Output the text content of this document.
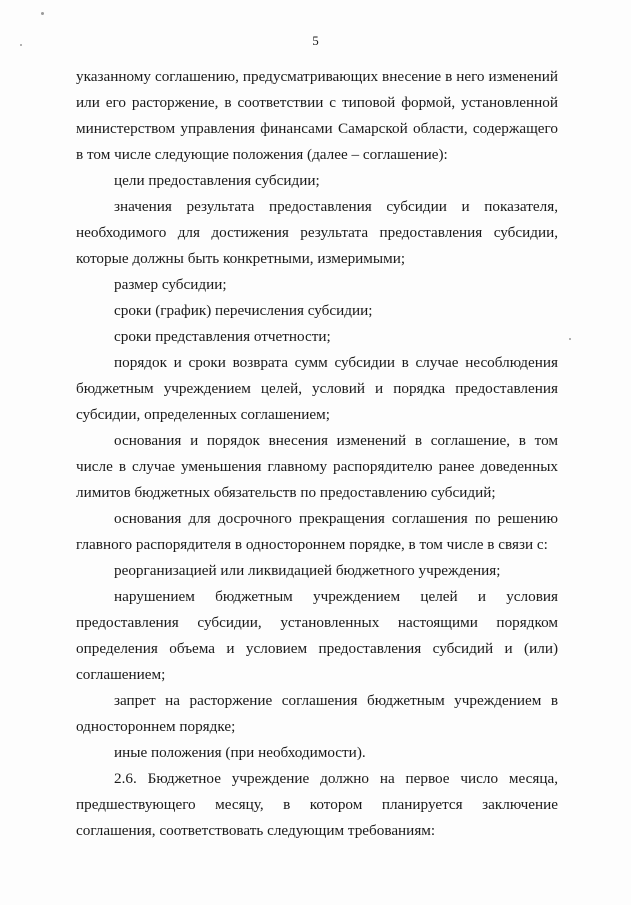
5

указанному соглашению, предусматривающих внесение в него изменений или его расторжение, в соответствии с типовой формой, установленной министерством управления финансами Самарской области, содержащего в том числе следующие положения (далее – соглашение):

цели предоставления субсидии;

значения результата предоставления субсидии и показателя, необходимого для достижения результата предоставления субсидии, которые должны быть конкретными, измеримыми;

размер субсидии;

сроки (график) перечисления субсидии;

сроки представления отчетности;

порядок и сроки возврата сумм субсидии в случае несоблюдения бюджетным учреждением целей, условий и порядка предоставления субсидии, определенных соглашением;

основания и порядок внесения изменений в соглашение, в том числе в случае уменьшения главному распорядителю ранее доведенных лимитов бюджетных обязательств по предоставлению субсидий;

основания для досрочного прекращения соглашения по решению главного распорядителя в одностороннем порядке, в том числе в связи с:

реорганизацией или ликвидацией бюджетного учреждения;

нарушением бюджетным учреждением целей и условия предоставления субсидии, установленных настоящими порядком определения объема и условием предоставления субсидий и (или) соглашением;

запрет на расторжение соглашения бюджетным учреждением в одностороннем порядке;

иные положения (при необходимости).

2.6. Бюджетное учреждение должно на первое число месяца, предшествующего месяцу, в котором планируется заключение соглашения, соответствовать следующим требованиям:
